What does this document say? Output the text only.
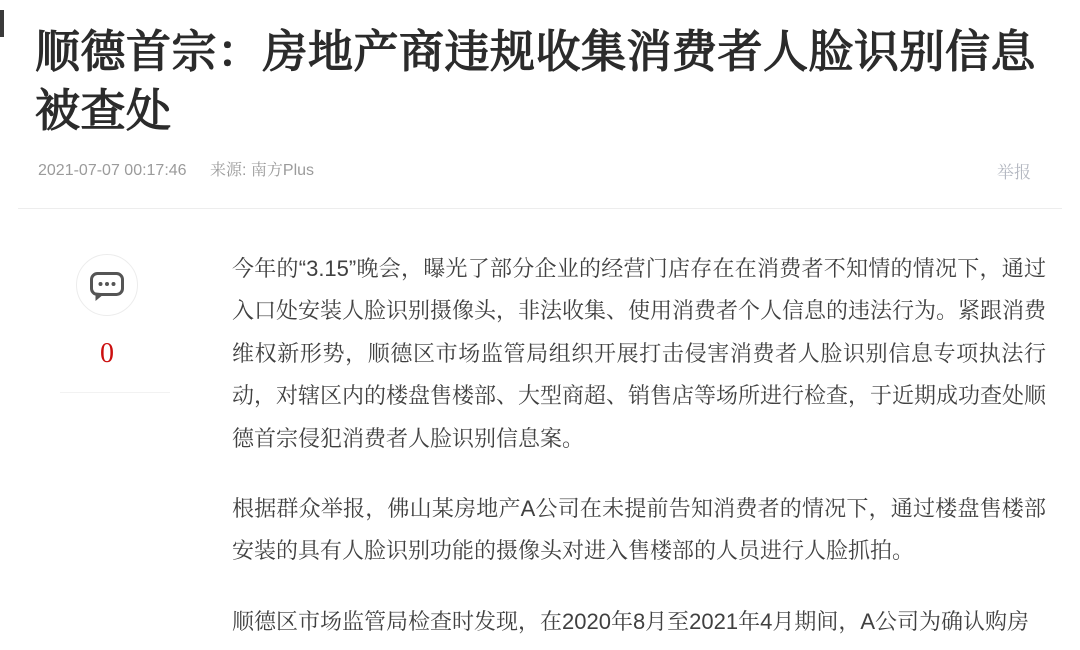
顺德首宗：房地产商违规收集消费者人脸识别信息被查处
2021-07-07 00:17:46 来源: 南方Plus	举报
0

今年的“3.15”晚会，曝光了部分企业的经营门店存在在消费者不知情的情况下，通过入口处安装人脸识别摄像头，非法收集、使用消费者个人信息的违法行为。紧跟消费维权新形势，顺德区市场监管局组织开展打击侵害消费者人脸识别信息专项执法行动，对辖区内的楼盘售楼部、大型商超、销售店等场所进行检查，于近期成功查处顺德首宗侵犯消费者人脸识别信息案。

根据群众举报，佛山某房地产A公司在未提前告知消费者的情况下，通过楼盘售楼部安装的具有人脸识别功能的摄像头对进入售楼部的人员进行人脸抓拍。

顺德区市场监管局检查时发现，在2020年8月至2021年4月期间，A公司为确认购房
